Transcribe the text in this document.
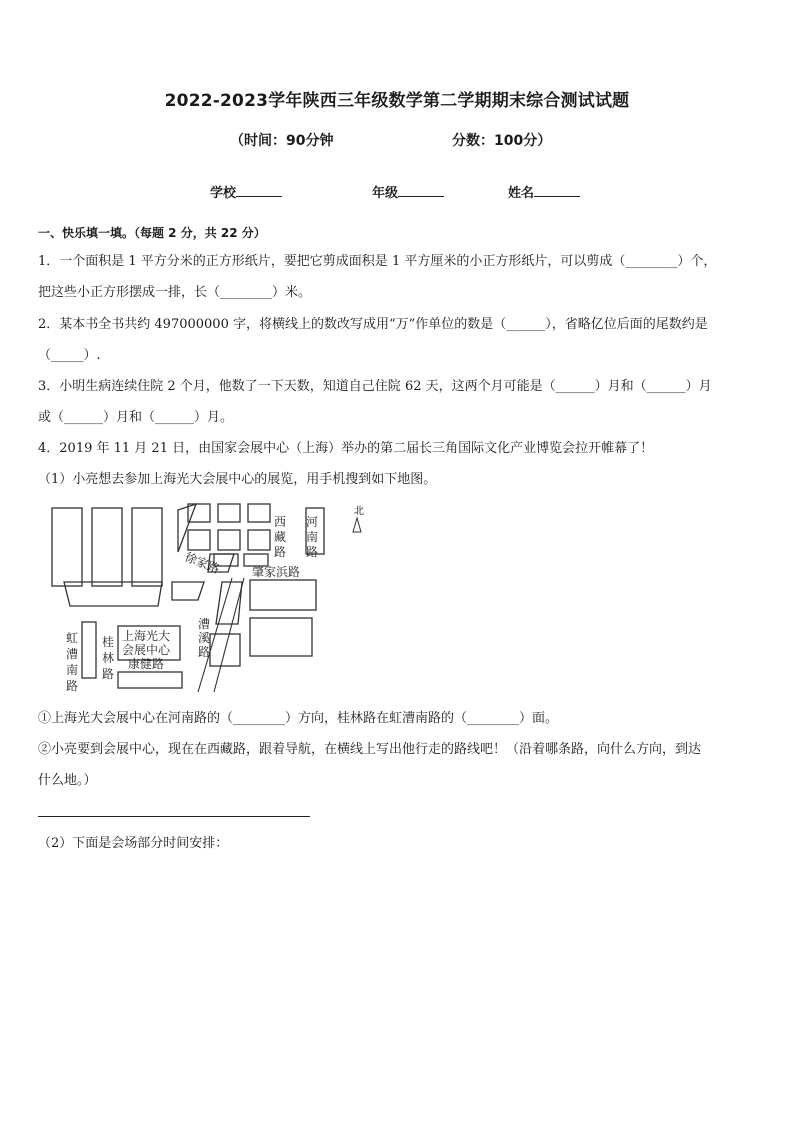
2022-2023学年陕西三年级数学第二学期期末综合测试试题
（时间：90分钟	分数：100分）
学校	年级	姓名
一、快乐填一填。（每题 2 分，共 22 分）
1．一个面积是 1 平方分米的正方形纸片，要把它剪成面积是 1 平方厘米的小正方形纸片，可以剪成（________）个，
把这些小正方形摆成一排，长（________）米。
2．某本书全书共约 497000000 字，将横线上的数改写成用“万”作单位的数是（______），省略亿位后面的尾数约是
（_____）.
3．小明生病连续住院 2 个月，他数了一下天数，知道自己住院 62 天，这两个月可能是（______）月和（______）月
或（______）月和（______）月。
4．2019 年 11 月 21 日，由国家会展中心（上海）举办的第二届长三角国际文化产业博览会拉开帷幕了！
（1）小亮想去参加上海光大会展中心的展览，用手机搜到如下地图。
北
西
藏
路
河
南
路
徐家路	肇家浜路
漕
溪
路
桂
林
路
虹
漕
南
路
康健路
上海光大
会展中心
①上海光大会展中心在河南路的（________）方向，桂林路在虹漕南路的（________）面。
②小亮要到会展中心，现在在西藏路，跟着导航，在横线上写出他行走的路线吧！（沿着哪条路，向什么方向，到达
什么地。）
（2）下面是会场部分时间安排：
